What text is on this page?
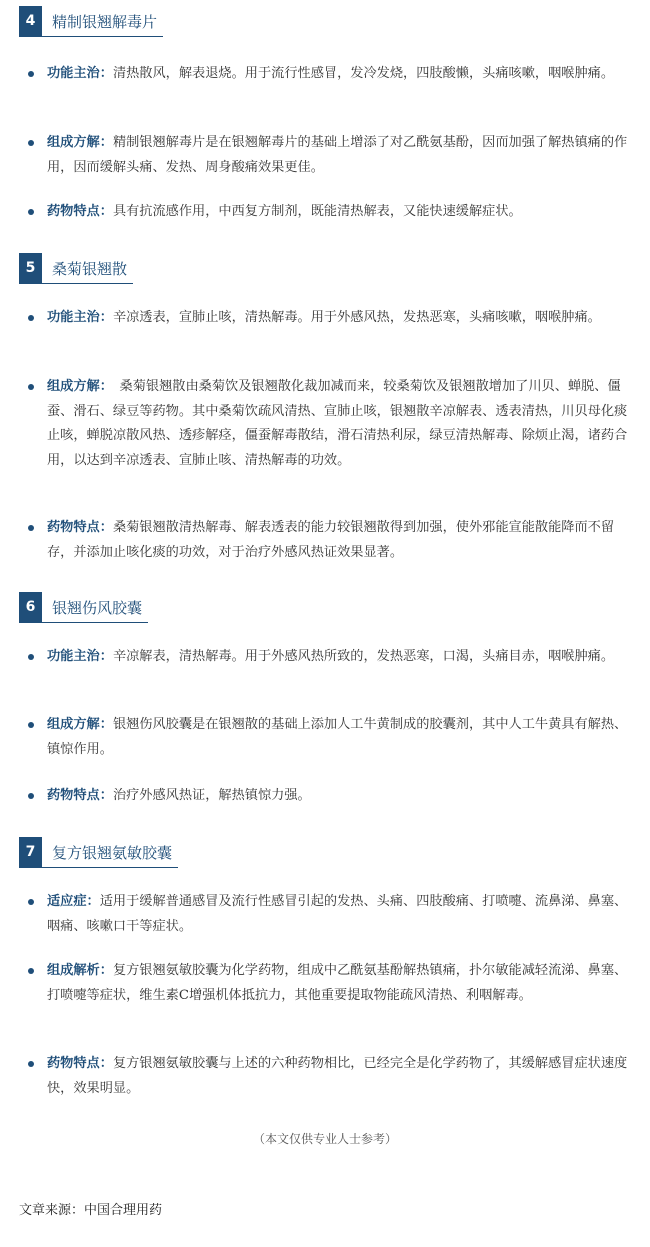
4	精制银翘解毒片
功能主治：清热散风，解表退烧。用于流行性感冒，发冷发烧，四肢酸懒，头痛咳嗽，咽喉肿痛。
组成方解：精制银翘解毒片是在银翘解毒片的基础上增添了对乙酰氨基酚，因而加强了解热镇痛的作用，因而缓解头痛、发热、周身酸痛效果更佳。
药物特点：具有抗流感作用，中西复方制剂，既能清热解表，又能快速缓解症状。
5	桑菊银翘散
功能主治：辛凉透表，宣肺止咳，清热解毒。用于外感风热，发热恶寒，头痛咳嗽，咽喉肿痛。
组成方解：　桑菊银翘散由桑菊饮及银翘散化裁加减而来，较桑菊饮及银翘散增加了川贝、蝉脱、僵蚕、滑石、绿豆等药物。其中桑菊饮疏风清热、宣肺止咳，银翘散辛凉解表、透表清热，川贝母化痰止咳，蝉脱凉散风热、透疹解痉，僵蚕解毒散结，滑石清热利尿，绿豆清热解毒、除烦止渴，诸药合用，以达到辛凉透表、宣肺止咳、清热解毒的功效。
药物特点：桑菊银翘散清热解毒、解表透表的能力较银翘散得到加强，使外邪能宣能散能降而不留存，并添加止咳化痰的功效，对于治疗外感风热证效果显著。
6	银翘伤风胶囊
功能主治：辛凉解表，清热解毒。用于外感风热所致的，发热恶寒，口渴，头痛目赤，咽喉肿痛。
组成方解：银翘伤风胶囊是在银翘散的基础上添加人工牛黄制成的胶囊剂，其中人工牛黄具有解热、镇惊作用。
药物特点：治疗外感风热证，解热镇惊力强。
7	复方银翘氨敏胶囊
适应症：适用于缓解普通感冒及流行性感冒引起的发热、头痛、四肢酸痛、打喷嚏、流鼻涕、鼻塞、咽痛、咳嗽口干等症状。
组成解析：复方银翘氨敏胶囊为化学药物，组成中乙酰氨基酚解热镇痛，扑尔敏能减轻流涕、鼻塞、打喷嚏等症状，维生素C增强机体抵抗力，其他重要提取物能疏风清热、利咽解毒。
药物特点：复方银翘氨敏胶囊与上述的六种药物相比，已经完全是化学药物了，其缓解感冒症状速度快，效果明显。
（本文仅供专业人士参考）
文章来源：中国合理用药
